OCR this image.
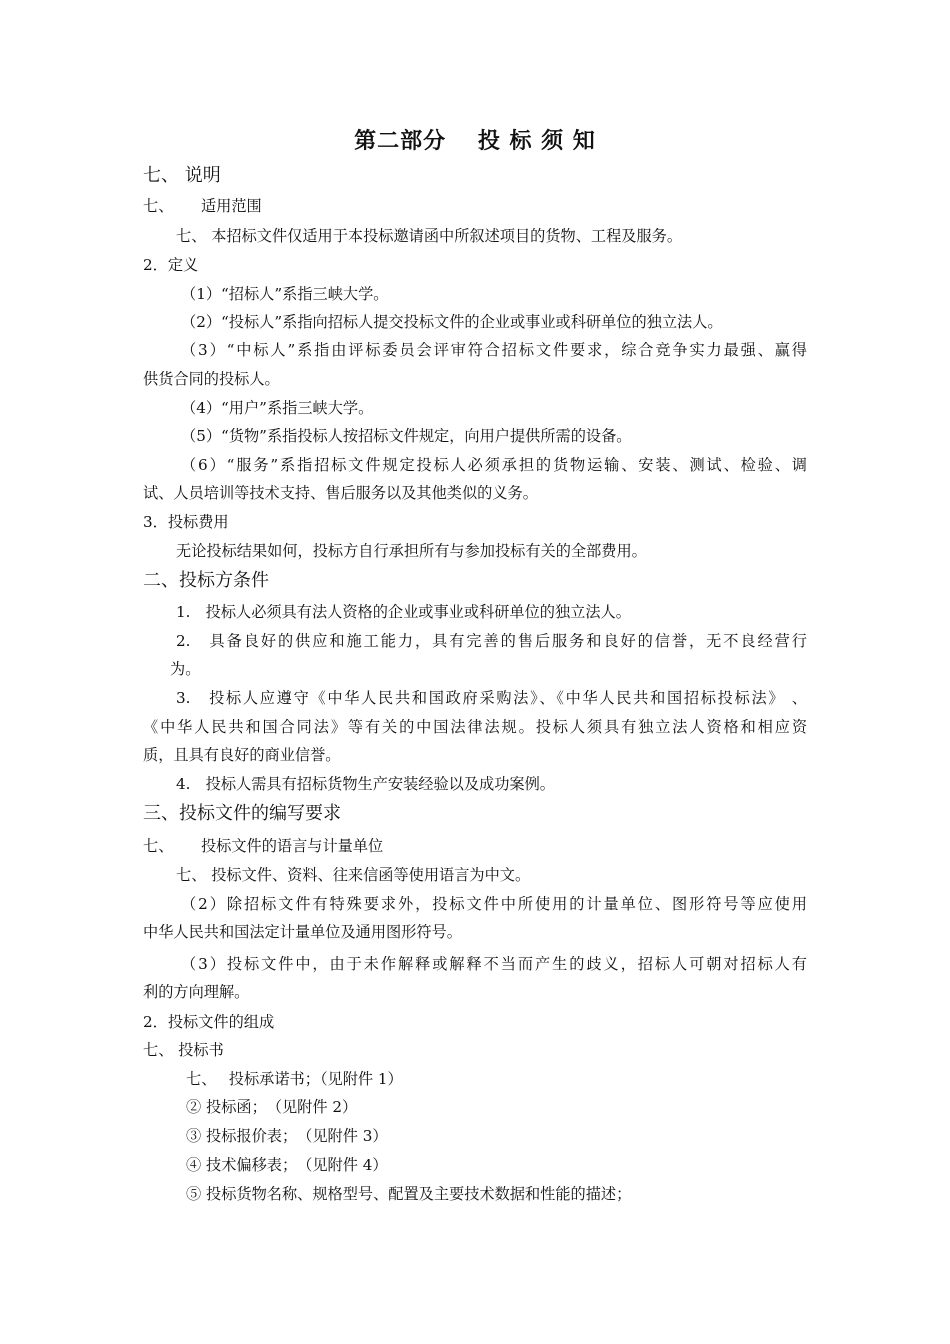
第二部分　 投 标 须 知
七、 说明
七、　　 适用范围
七、 本招标文件仅适用于本投标邀请函中所叙述项目的货物、工程及服务。
2．定义
（1）“招标人”系指三峡大学。
（2）“投标人”系指向招标人提交投标文件的企业或事业或科研单位的独立法人。
（3）“中标人”系指由评标委员会评审符合招标文件要求，综合竞争实力最强、赢得
供货合同的投标人。
（4）“用户”系指三峡大学。
（5）“货物”系指投标人按招标文件规定，向用户提供所需的设备。
（6）“服务”系指招标文件规定投标人必须承担的货物运输、安装、测试、检验、调
试、人员培训等技术支持、售后服务以及其他类似的义务。
3．投标费用
无论投标结果如何，投标方自行承担所有与参加投标有关的全部费用。
二、投标方条件
1.　投标人必须具有法人资格的企业或事业或科研单位的独立法人。
2.　具备良好的供应和施工能力，具有完善的售后服务和良好的信誉，无不良经营行
为。
3.　投标人应遵守《中华人民共和国政府采购法》、《中华人民共和国招标投标法》 、
《中华人民共和国合同法》等有关的中国法律法规。投标人须具有独立法人资格和相应资
质，且具有良好的商业信誉。
4.　投标人需具有招标货物生产安装经验以及成功案例。
三、投标文件的编写要求
七、　　 投标文件的语言与计量单位
七、 投标文件、资料、往来信函等使用语言为中文。
（2）除招标文件有特殊要求外，投标文件中所使用的计量单位、图形符号等应使用
中华人民共和国法定计量单位及通用图形符号。
（3）投标文件中，由于未作解释或解释不当而产生的歧义，招标人可朝对招标人有
利的方向理解。
2．投标文件的组成
七、 投标书
七、　 投标承诺书；（见附件 1）
② 投标函；　（见附件 2）
③ 投标报价表；　（见附件 3）
④ 技术偏移表；　（见附件 4）
⑤ 投标货物名称、规格型号、配置及主要技术数据和性能的描述；
